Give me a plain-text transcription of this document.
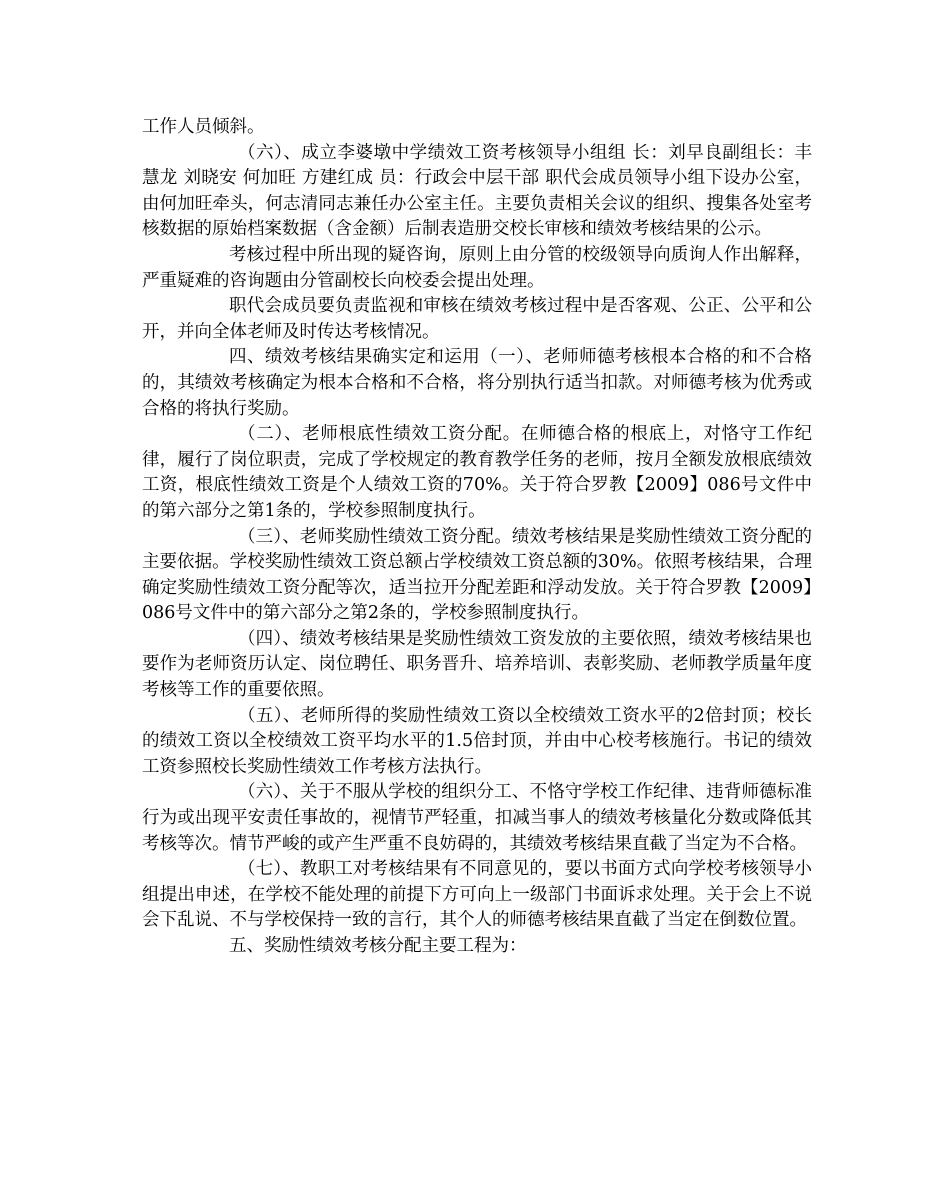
工作人员倾斜。

（六）、成立李婆墩中学绩效工资考核领导小组组 长：刘早良副组长：丰慧龙 刘晓安 何加旺 方建红成 员：行政会中层干部 职代会成员领导小组下设办公室，由何加旺牵头，何志清同志兼任办公室主任。主要负责相关会议的组织、搜集各处室考核数据的原始档案数据（含金额）后制表造册交校长审核和绩效考核结果的公示。

考核过程中所出现的疑咨询，原则上由分管的校级领导向质询人作出解释，严重疑难的咨询题由分管副校长向校委会提出处理。

职代会成员要负责监视和审核在绩效考核过程中是否客观、公正、公平和公开，并向全体老师及时传达考核情况。

四、绩效考核结果确实定和运用（一）、老师师德考核根本合格的和不合格的，其绩效考核确定为根本合格和不合格，将分别执行适当扣款。对师德考核为优秀或合格的将执行奖励。

（二）、老师根底性绩效工资分配。在师德合格的根底上，对恪守工作纪律，履行了岗位职责，完成了学校规定的教育教学任务的老师，按月全额发放根底绩效工资，根底性绩效工资是个人绩效工资的70%。关于符合罗教【2009】086号文件中的第六部分之第1条的，学校参照制度执行。

（三）、老师奖励性绩效工资分配。绩效考核结果是奖励性绩效工资分配的主要依据。学校奖励性绩效工资总额占学校绩效工资总额的30%。依照考核结果，合理确定奖励性绩效工资分配等次，适当拉开分配差距和浮动发放。关于符合罗教【2009】086号文件中的第六部分之第2条的，学校参照制度执行。

（四）、绩效考核结果是奖励性绩效工资发放的主要依照，绩效考核结果也要作为老师资历认定、岗位聘任、职务晋升、培养培训、表彰奖励、老师教学质量年度考核等工作的重要依照。

（五）、老师所得的奖励性绩效工资以全校绩效工资水平的2倍封顶；校长的绩效工资以全校绩效工资平均水平的1.5倍封顶，并由中心校考核施行。书记的绩效工资参照校长奖励性绩效工作考核方法执行。

（六）、关于不服从学校的组织分工、不恪守学校工作纪律、违背师德标准行为或出现平安责任事故的，视情节严轻重，扣减当事人的绩效考核量化分数或降低其考核等次。情节严峻的或产生严重不良妨碍的，其绩效考核结果直截了当定为不合格。

（七）、教职工对考核结果有不同意见的，要以书面方式向学校考核领导小组提出申述，在学校不能处理的前提下方可向上一级部门书面诉求处理。关于会上不说会下乱说、不与学校保持一致的言行，其个人的师德考核结果直截了当定在倒数位置。

五、奖励性绩效考核分配主要工程为：
